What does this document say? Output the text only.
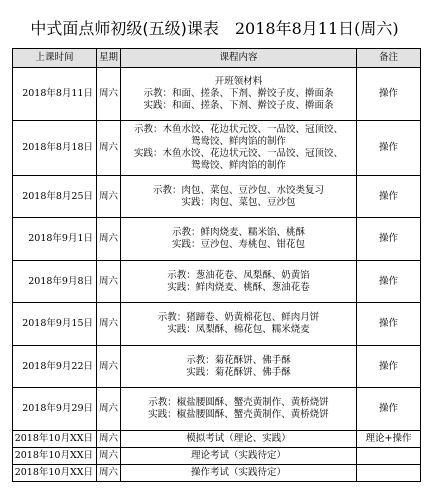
中式面点师初级(五级)课表 2018年8月11日(周六)
上课时间	星期	课程内容	备注
2018年8月11日	周六	开班领材料
示教：和面、搓条、下剂、擀饺子皮、擀面条
实践：和面、搓条、下剂、擀饺子皮、擀面条	操作
2018年8月18日	周六	示教：木鱼水饺、花边状元饺、一品饺、冠顶饺、
鸳鸯饺、鲜肉馅的制作
实践：木鱼水饺、花边状元饺、一品饺、冠顶饺、
鸳鸯饺、鲜肉馅的制作	操作
2018年8月25日	周六	示教：肉包、菜包、豆沙包、水饺类复习
实践：肉包、菜包、豆沙包	操作
2018年9月1日	周六	示教：鲜肉烧麦、糯米馅、桃酥
实践：豆沙包、寿桃包、钳花包	操作
2018年9月8日	周六	示教：葱油花卷、凤梨酥、奶黄馅
实践：鲜肉烧麦、桃酥、葱油花卷	操作
2018年9月15日	周六	示教：猪蹄卷、奶黄棉花包、鲜肉月饼
实践：凤梨酥、棉花包、糯米烧麦	操作
2018年9月22日	周六	示教：菊花酥饼、佛手酥
实践：菊花酥饼、佛手酥	操作
2018年9月29日	周六	示教：椒盐腰圆酥、蟹壳黄制作、黄桥烧饼
实践：椒盐腰圆酥、蟹壳黄制作、黄桥烧饼	操作
2018年10月XX日	周六	模拟考试（理论、实践）	理论+操作
2018年10月XX日	周六	理论考试（实践待定）	

2018年10月XX日	周六	操作考试（实践待定）	
